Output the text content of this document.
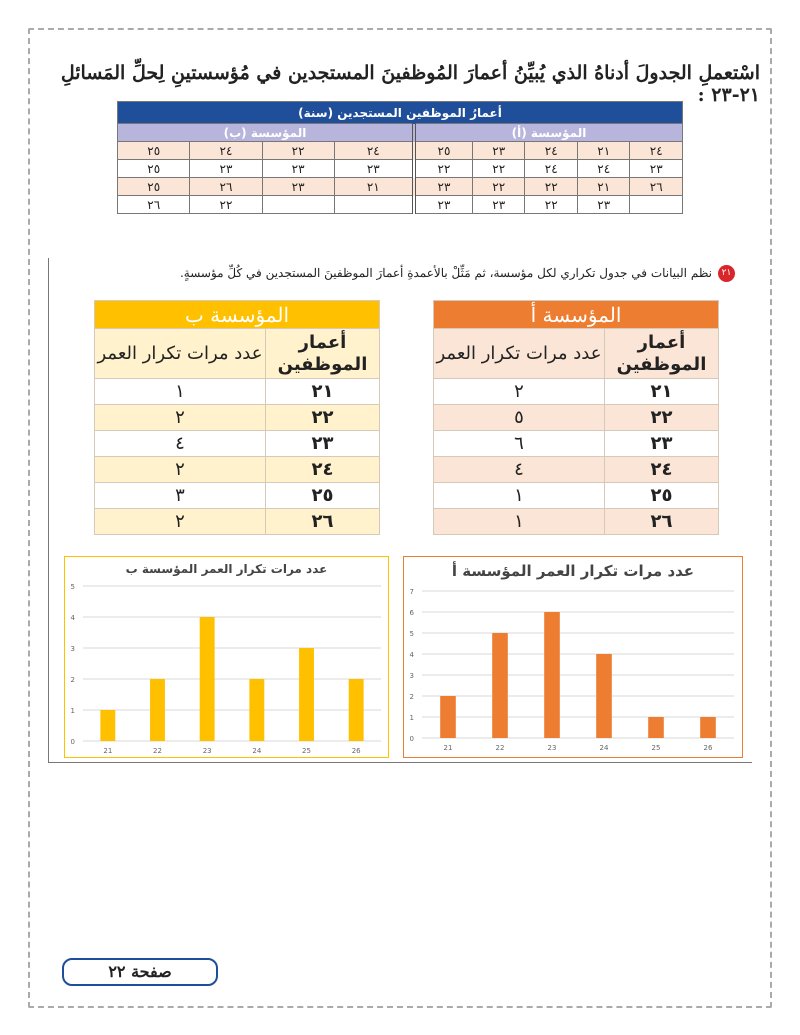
اسْتعملِ الجدولَ أدناهُ الذي يُبيِّنُ أعمارَ المُوظفينَ المستجدين في مُؤسستينِ لِحلِّ المَسائلِ ٢١-٢٣ :
أعمارُ الموظفين المستجدين (سنة)								
المؤسسة (أ)					المؤسسة (ب)			
٢٤	٢١	٢٤	٢٣	٢٥	٢٤	٢٢	٢٤	٢٥
٢٣	٢٤	٢٤	٢٢	٢٢	٢٣	٢٣	٢٣	٢٥
٢٦	٢١	٢٢	٢٢	٢٣	٢١	٢٣	٢٦	٢٥
	٢٣	٢٢	٢٣	٢٣			٢٢	٢٦
٢١نظم البيانات في جدول تكراري لكل مؤسسة، ثم مَثِّلْ بالأعمدةِ أعمارَ الموظفينَ المستجدين في كُلِّ مؤسسةٍ.
المؤسسة أ	
أعمار الموظفين	عدد مرات تكرار العمر
٢١	٢
٢٢	٥
٢٣	٦
٢٤	٤
٢٥	١
٢٦	١
المؤسسة ب	
أعمار الموظفين	عدد مرات تكرار العمر
٢١	١
٢٢	٢
٢٣	٤
٢٤	٢
٢٥	٣
٢٦	٢
عدد مرات تكرار العمر المؤسسة أ
0
1
2
3
4
5
6
7
21	22	23	24	25	26
عدد مرات تكرار العمر المؤسسة ب
0
1
2
3
4
5
21	22	23	24	25	26
صفحة ٢٢
